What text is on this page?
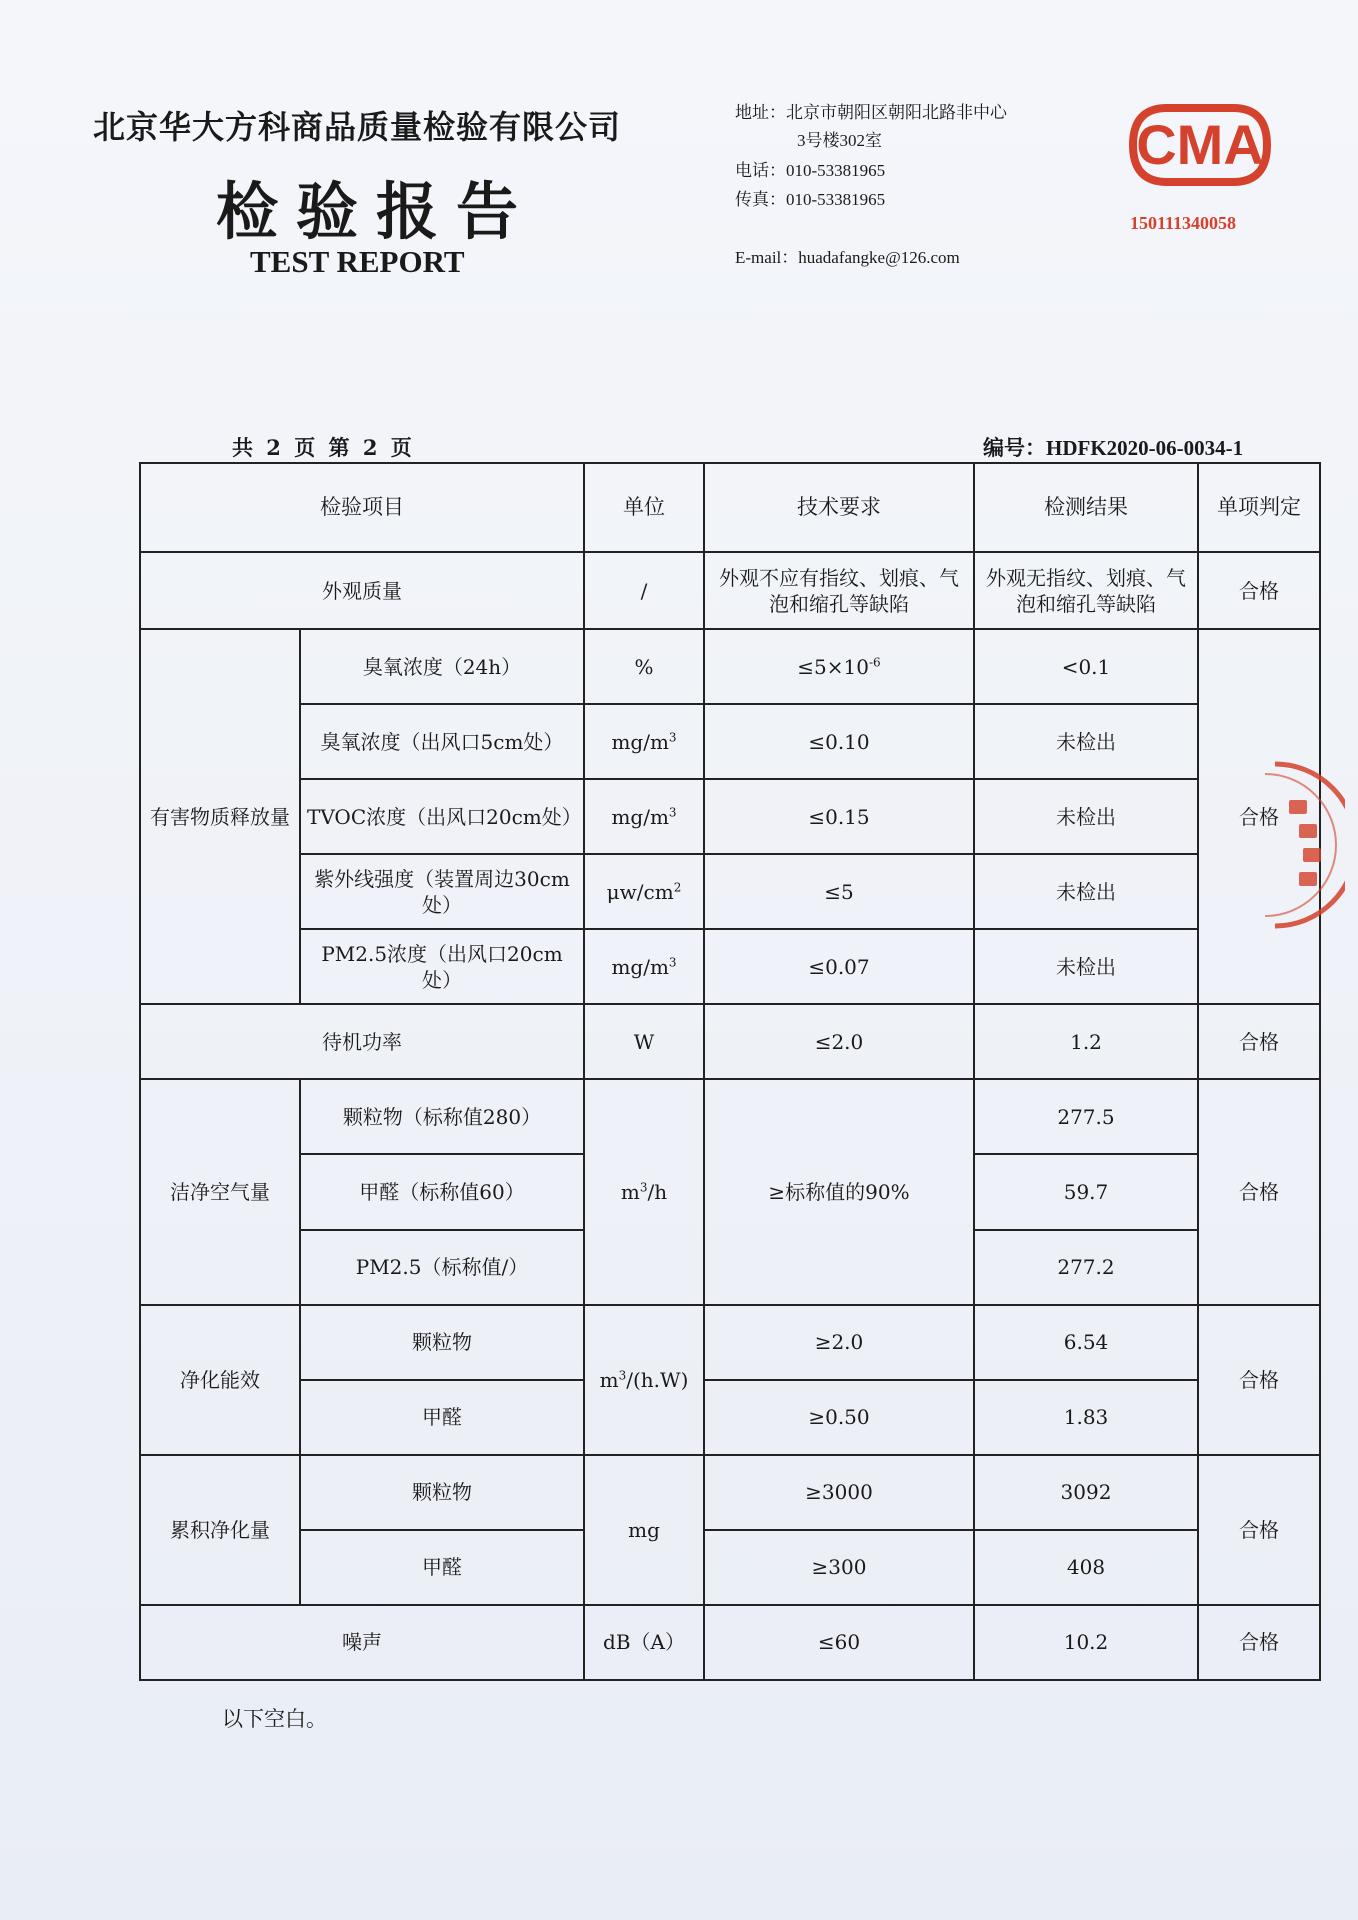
北京华大方科商品质量检验有限公司
检验报告
TEST REPORT
地址：北京市朝阳区朝阳北路非中心
3号楼302室
电话：010-53381965
传真：010-53381965
E-mail：huadafangke@126.com
CMA
150111340058
共 2 页 第 2 页	编号：HDFK2020-06-0034-1
检验项目		单位	技术要求	检测结果	单项判定
外观质量		/	外观不应有指纹、划痕、气泡和缩孔等缺陷	外观无指纹、划痕、气泡和缩孔等缺陷	合格
有害物质释放量	臭氧浓度（24h）	%	$\le 5\times 10^{-6}$	<0.1	合格
	臭氧浓度（出风口5cm处）	$mg/m^3$	≤0.10	未检出	
	TVOC浓度（出风口20cm处）	$mg/m^3$	≤0.15	未检出	
	紫外线强度（装置周边30cm处）	$\mu w/cm^2$	≤5	未检出	
	PM2.5浓度（出风口20cm处）	$mg/m^3$	≤0.07	未检出	
待机功率		W	≤2.0	1.2	合格
洁净空气量	颗粒物（标称值280）	$m^3/h$	≥标称值的90%	277.5	合格
	甲醛（标称值60）			59.7	
	PM2.5（标称值/）			277.2	
净化能效	颗粒物	$m^3/(h.W)$	≥2.0	6.54	合格
	甲醛		≥0.50	1.83	
累积净化量	颗粒物	mg	≥3000	3092	合格
	甲醛		≥300	408	
噪声		dB（A）	≤60	10.2	合格
以下空白。
